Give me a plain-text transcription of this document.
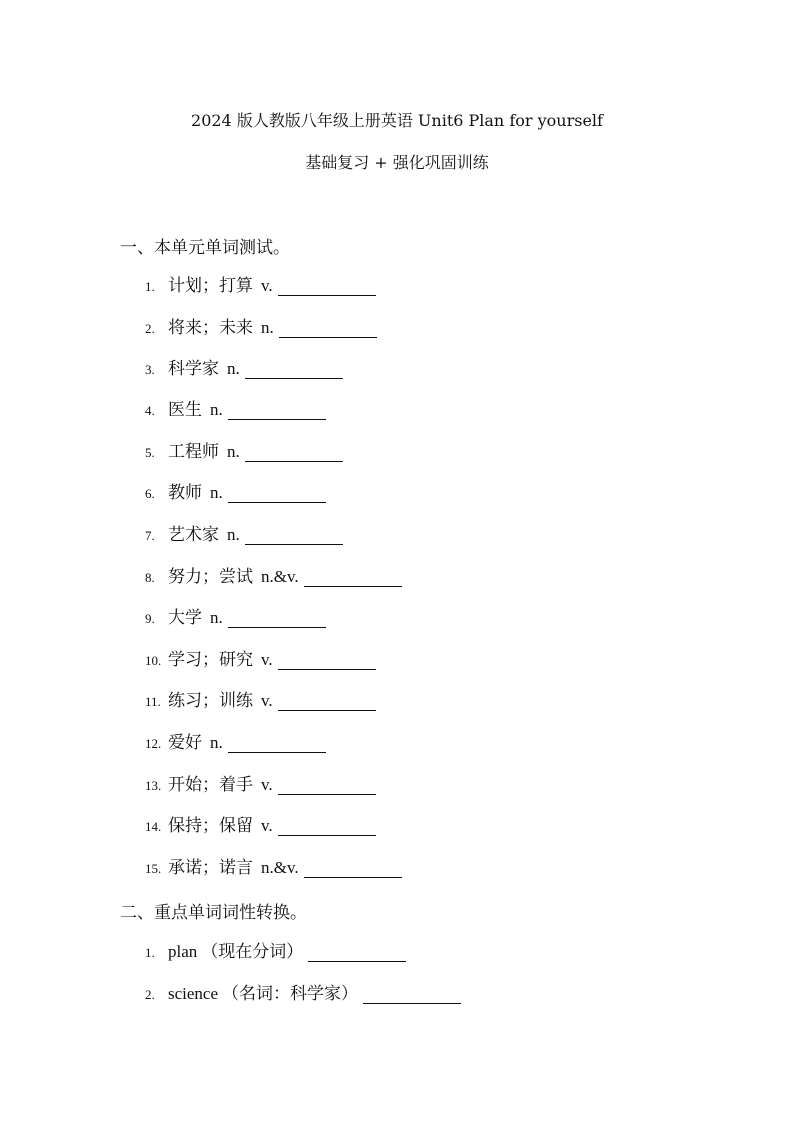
2024 版人教版八年级上册英语 Unit6 Plan for yourself
基础复习 + 强化巩固训练
一、本单元单词测试。
1. 计划；打算 v.
2. 将来；未来 n.
3. 科学家 n.
4. 医生 n.
5. 工程师 n.
6. 教师 n.
7. 艺术家 n.
8. 努力；尝试 n.&v.
9. 大学 n.
10. 学习；研究 v.
11. 练习；训练 v.
12. 爱好 n.
13. 开始；着手 v.
14. 保持；保留 v.
15. 承诺；诺言 n.&v.
二、重点单词词性转换。
1. plan （现在分词）
2. science （名词：科学家）
